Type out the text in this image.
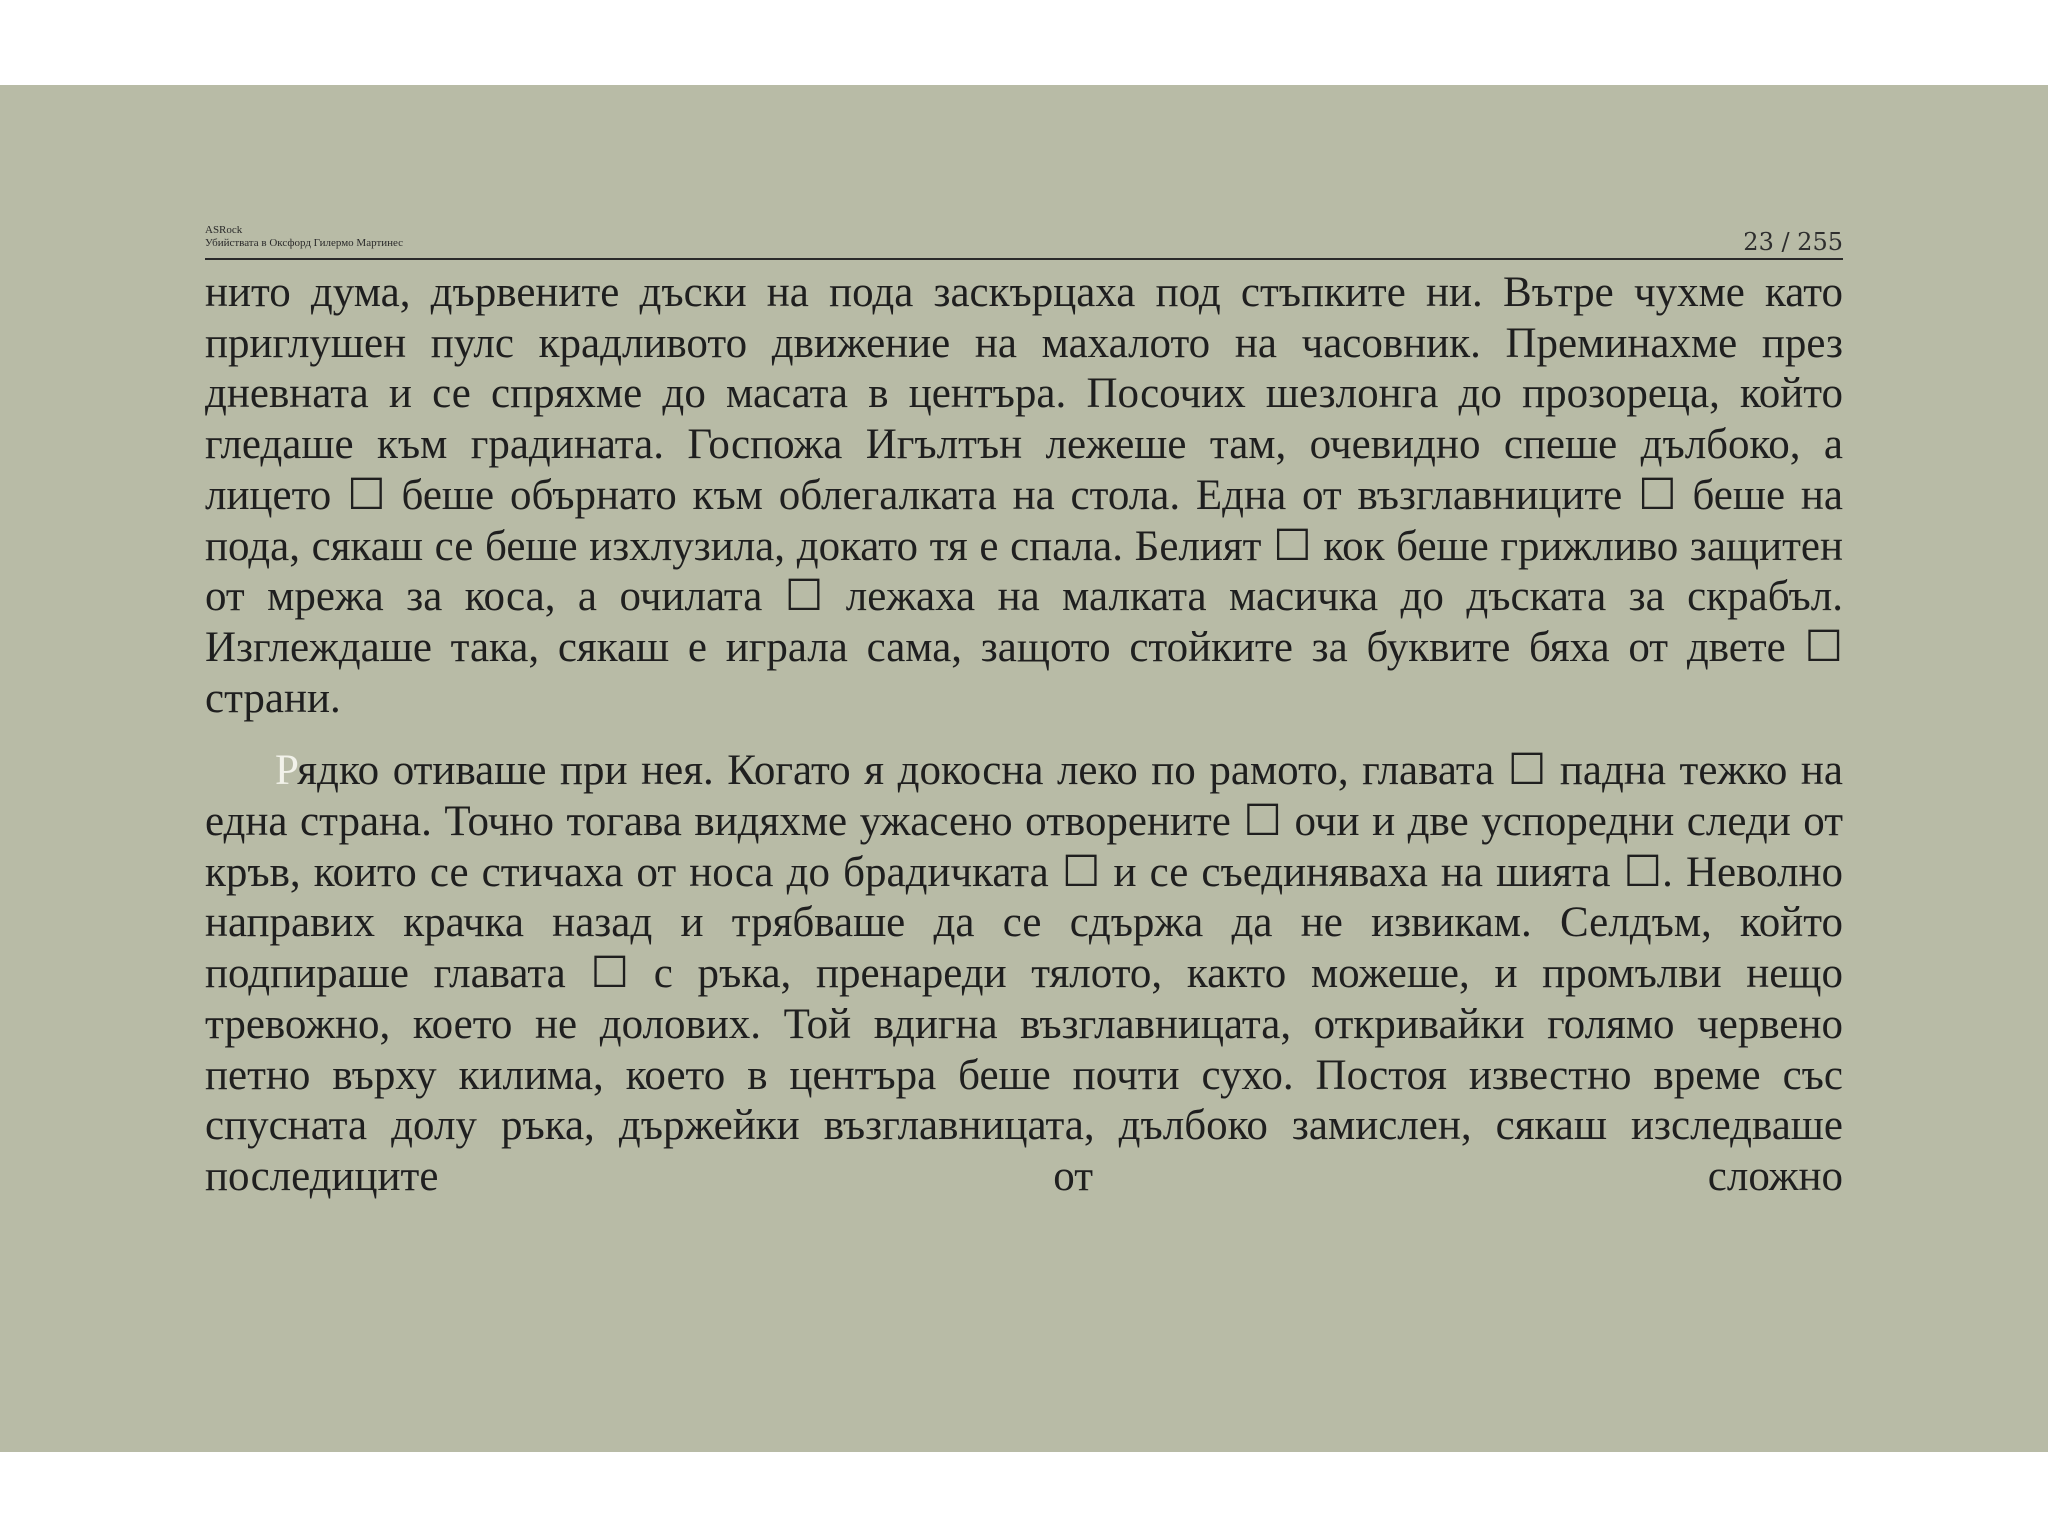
ASRock
Убийствата в Оксфорд Гилермо Мартинес	23 / 255

нито дума, дървените дъски на пода заскърцаха под стъпките ни. Вътре чухме като приглушен пулс крадливото движение на махалото на часовник. Преминахме през дневната и се спряхме до масата в центъра. Посочих шезлонга до прозореца, който гледаше към градината. Госпожа Игълтън лежеше там, очевидно спеше дълбоко, а лицето ☐ беше обърнато към облегалката на стола. Една от възглавниците ☐ беше на пода, сякаш се беше изхлузила, докато тя е спала. Белият ☐ кок беше грижливо защитен от мрежа за коса, а очилата ☐ лежаха на малката масичка до дъската за скрабъл. Изглеждаше така, сякаш е играла сама, защото стойките за буквите бяха от двете ☐ страни.

Рядко отиваше при нея. Когато я докосна леко по рамото, главата ☐ падна тежко на една страна. Точно тогава видяхме ужасено отворените ☐ очи и две успоредни следи от кръв, които се стичаха от носа до брадичката ☐ и се съединяваха на шията ☐. Неволно направих крачка назад и трябваше да се сдържа да не извикам. Селдъм, който подпираше главата ☐ с ръка, пренареди тялото, както можеше, и промълви нещо тревожно, което не долових. Той вдигна възглавницата, откривайки голямо червено петно върху килима, което в центъра беше почти сухо. Постоя известно време със спусната долу ръка, държейки възглавницата, дълбоко замислен, сякаш изследваше последиците от сложно
